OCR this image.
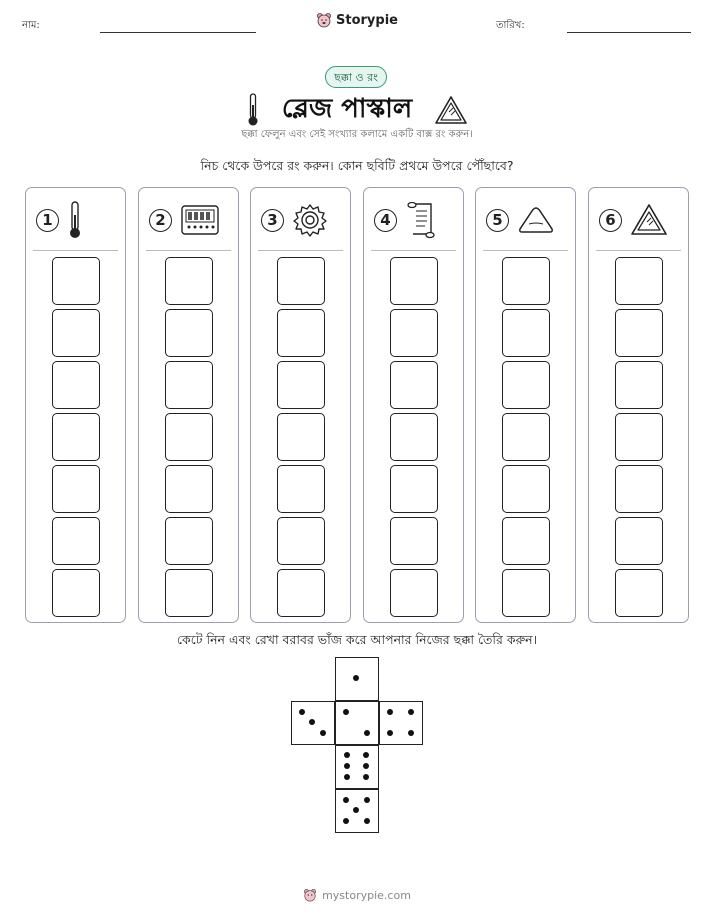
নাম:	তারিখ:
Storypie
ছক্কা ও রং
ব্লেজ পাস্কাল
ছক্কা ফেলুন এবং সেই সংখ্যার কলামে একটি বাক্স রং করুন।
নিচ থেকে উপরে রং করুন। কোন ছবিটি প্রথমে উপরে পৌঁছাবে?
1	2	3	4	5	6
কেটে নিন এবং রেখা বরাবর ভাঁজ করে আপনার নিজের ছক্কা তৈরি করুন।
mystorypie.com
